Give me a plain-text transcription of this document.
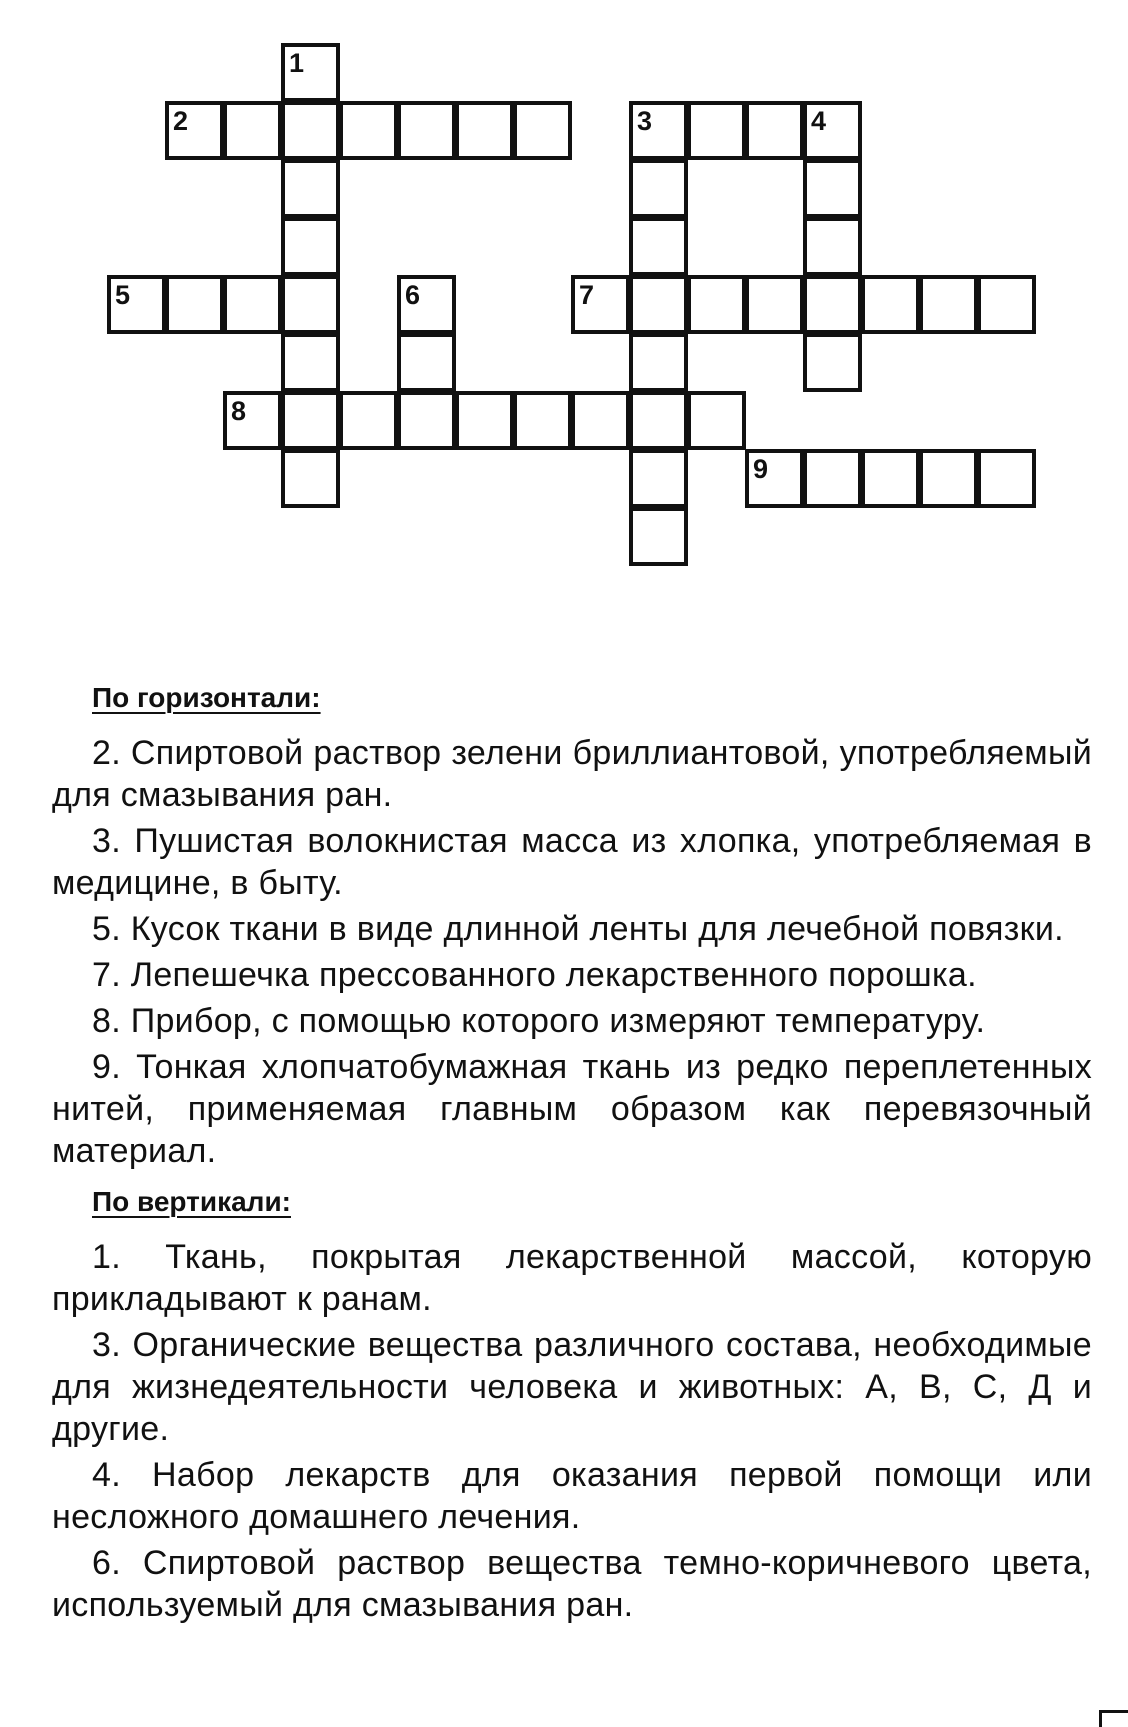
1
2	3	4
5	6	7
8
9
По горизонтали:

2. Спиртовой раствор зелени бриллиантовой, употребляемый для смазывания ран.

3. Пушистая волокнистая масса из хлопка, употребляемая в медицине, в быту.

5. Кусок ткани в виде длинной ленты для лечебной повязки.

7. Лепешечка прессованного лекарственного порошка.

8. Прибор, с помощью которого измеряют температуру.

9. Тонкая хлопчатобумажная ткань из редко переплетенных нитей, применяемая главным образом как перевязочный материал.

По вертикали:

1. Ткань, покрытая лекарственной массой, которую прикладывают к ранам.

3. Органические вещества различного состава, необходимые для жизнедеятельности человека и животных: А, В, С, Д и другие.

4. Набор лекарств для оказания первой помощи или несложного домашнего лечения.

6. Спиртовой раствор вещества темно-коричневого цвета, используемый для смазывания ран.
